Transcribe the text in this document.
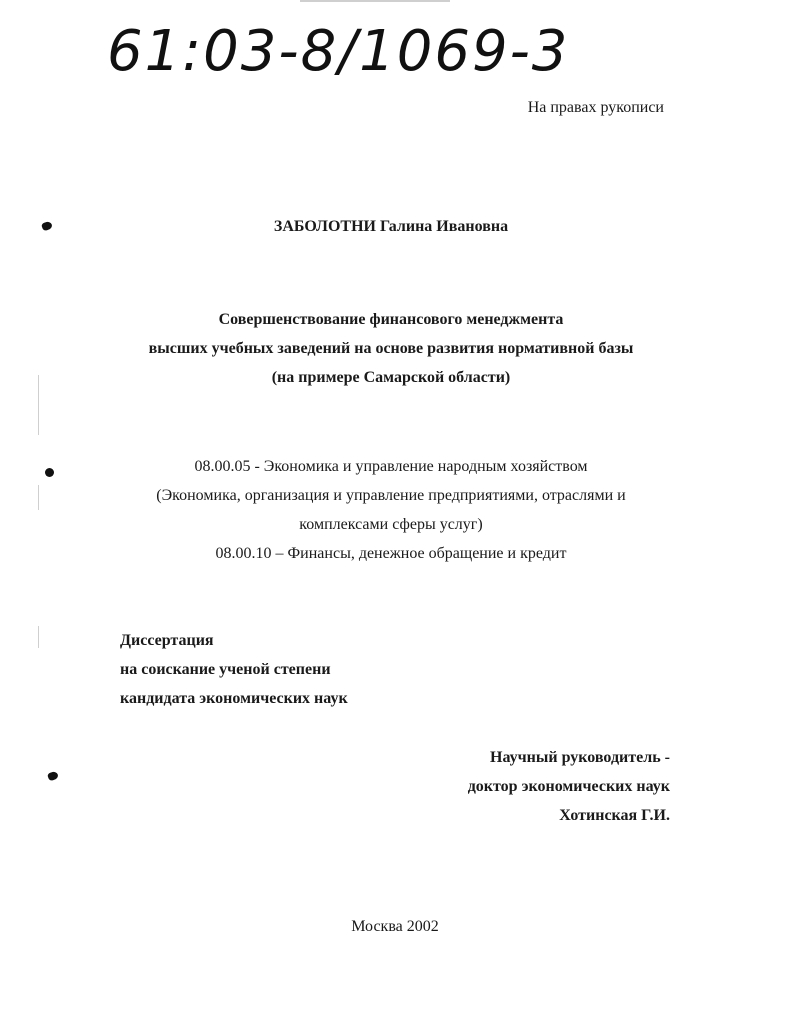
61:03-8/1069-3
На правах рукописи
ЗАБОЛОТНИ Галина Ивановна
Совершенствование финансового менеджмента
высших учебных заведений на основе развития нормативной базы
(на примере Самарской области)
08.00.05 - Экономика и управление народным хозяйством
(Экономика, организация и управление предприятиями, отраслями и
комплексами сферы услуг)
08.00.10 – Финансы, денежное обращение и кредит
Диссертация
на соискание ученой степени
кандидата экономических наук
Научный руководитель -
доктор экономических наук
Хотинская Г.И.
Москва 2002
